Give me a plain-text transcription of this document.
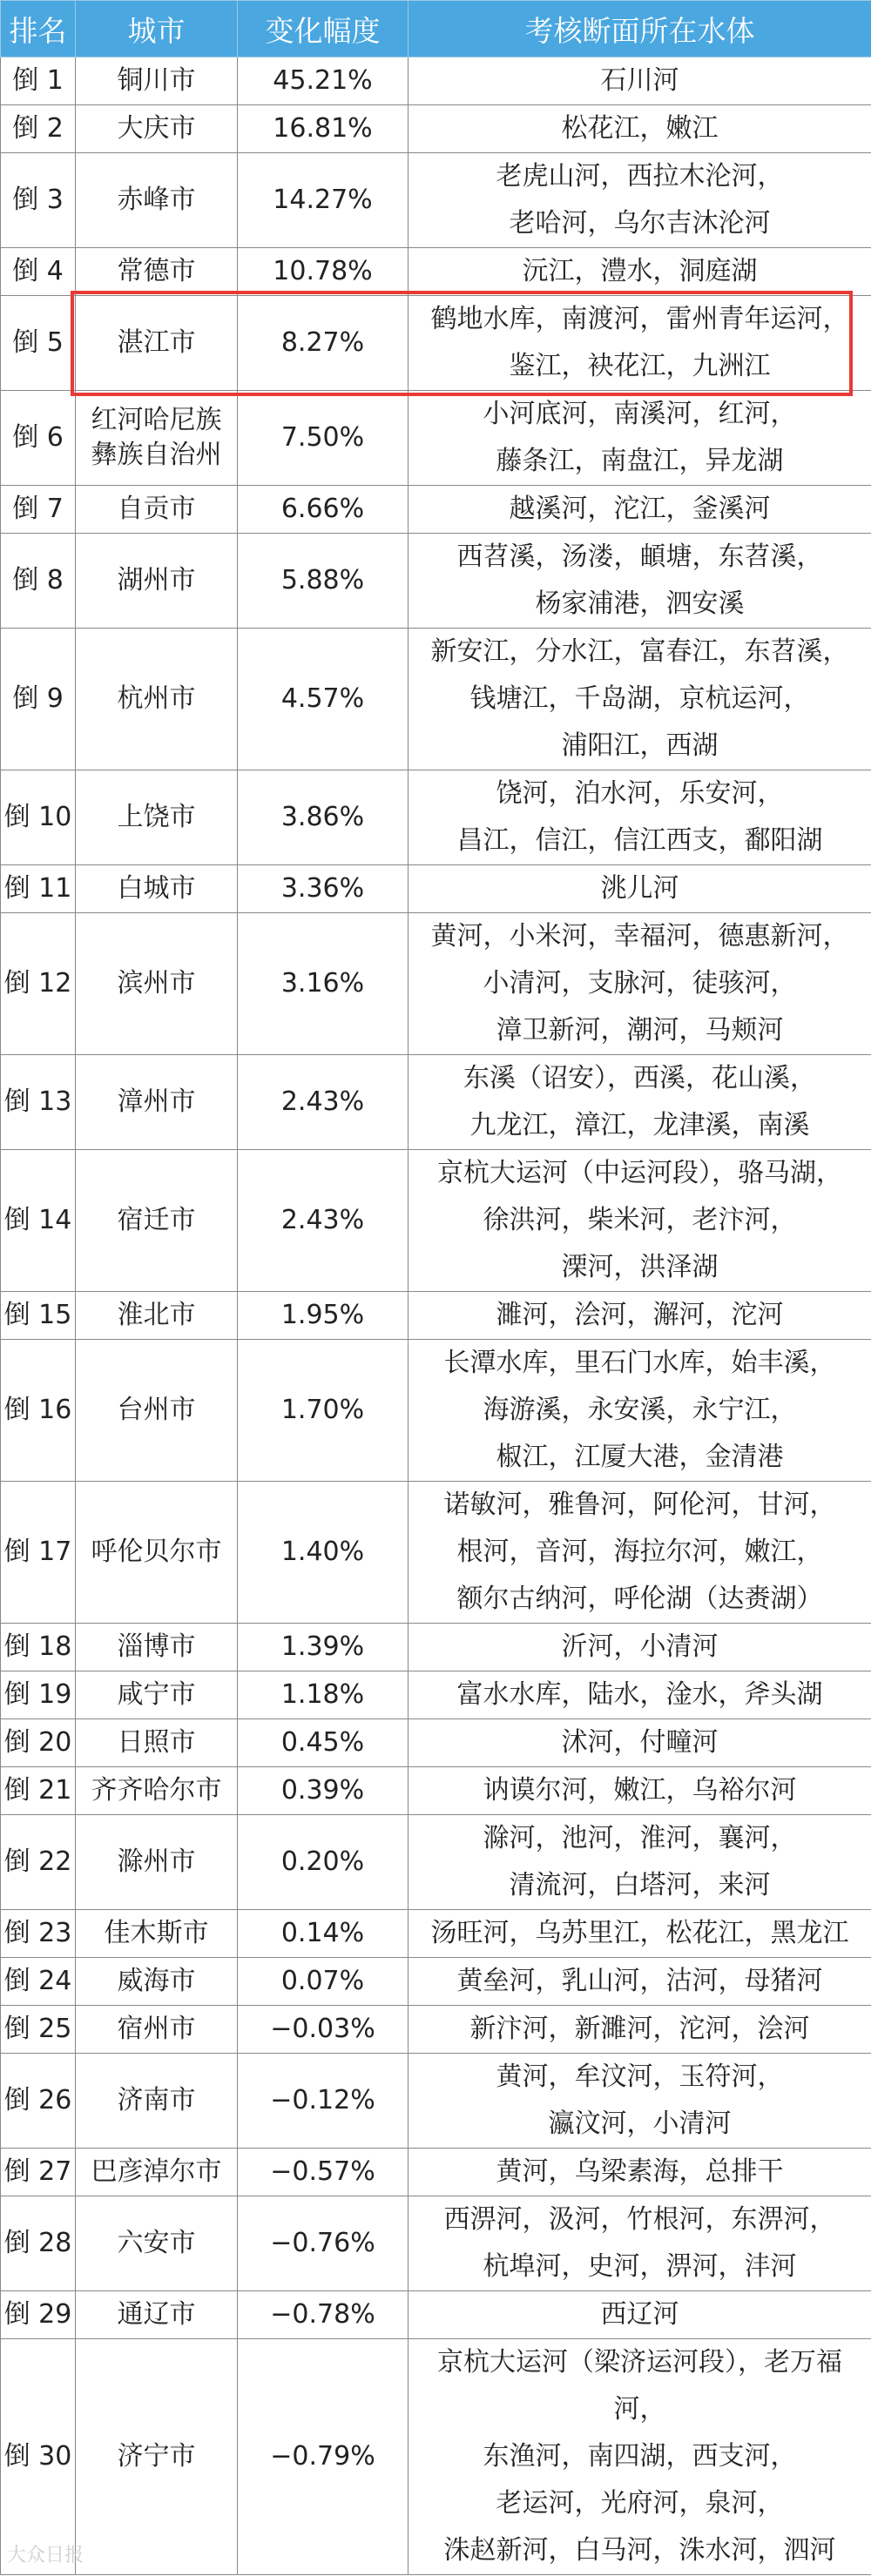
排名	城市	变化幅度	考核断面所在水体
倒 1	铜川市	45.21%	石川河

倒 2	大庆市	16.81%	松花江，嫩江

倒 3	赤峰市	14.27%	老虎山河，西拉木沦河，
老哈河，乌尔吉沐沦河

倒 4	常德市	10.78%	沅江，澧水，洞庭湖

倒 5	湛江市	8.27%	鹤地水库，南渡河，雷州青年运河，
鉴江，袂花江，九洲江

倒 6	红河哈尼族
彝族自治州	7.50%	小河底河，南溪河，红河，
藤条江，南盘江，异龙湖

倒 7	自贡市	6.66%	越溪河，沱江，釜溪河

倒 8	湖州市	5.88%	西苕溪，汤溇，頔塘，东苕溪，
杨家浦港，泗安溪

倒 9	杭州市	4.57%	新安江，分水江，富春江，东苕溪，
钱塘江，千岛湖，京杭运河，
浦阳江，西湖

倒 10	上饶市	3.86%	饶河，泊水河，乐安河，
昌江，信江，信江西支，鄱阳湖

倒 11	白城市	3.36%	洮儿河

倒 12	滨州市	3.16%	黄河，小米河，幸福河，德惠新河，
小清河，支脉河，徒骇河，
漳卫新河，潮河，马颊河

倒 13	漳州市	2.43%	东溪（诏安），西溪，花山溪，
九龙江，漳江，龙津溪，南溪

倒 14	宿迁市	2.43%	京杭大运河（中运河段），骆马湖，
徐洪河，柴米河，老汴河，
溧河，洪泽湖

倒 15	淮北市	1.95%	濉河，浍河，澥河，沱河

倒 16	台州市	1.70%	长潭水库，里石门水库，始丰溪，
海游溪，永安溪，永宁江，
椒江，江厦大港，金清港

倒 17	呼伦贝尔市	1.40%	诺敏河，雅鲁河，阿伦河，甘河，
根河，音河，海拉尔河，嫩江，
额尔古纳河，呼伦湖（达赉湖）

倒 18	淄博市	1.39%	沂河，小清河

倒 19	咸宁市	1.18%	富水水库，陆水，淦水，斧头湖

倒 20	日照市	0.45%	沭河，付疃河

倒 21	齐齐哈尔市	0.39%	讷谟尔河，嫩江，乌裕尔河

倒 22	滁州市	0.20%	滁河，池河，淮河，襄河，
清流河，白塔河，来河

倒 23	佳木斯市	0.14%	汤旺河，乌苏里江，松花江，黑龙江

倒 24	威海市	0.07%	黄垒河，乳山河，沽河，母猪河

倒 25	宿州市	−0.03%	新汴河，新濉河，沱河，浍河

倒 26	济南市	−0.12%	黄河，牟汶河，玉符河，
瀛汶河，小清河

倒 27	巴彦淖尔市	−0.57%	黄河，乌梁素海，总排干

倒 28	六安市	−0.76%	西淠河，汲河，竹根河，东淠河，
杭埠河，史河，淠河，沣河

倒 29	通辽市	−0.78%	西辽河

倒 30	济宁市	−0.79%	京杭大运河（梁济运河段），老万福河，
东渔河，南四湖，西支河，
老运河，光府河，泉河，
洙赵新河，白马河，洙水河，泗河
大众日报
